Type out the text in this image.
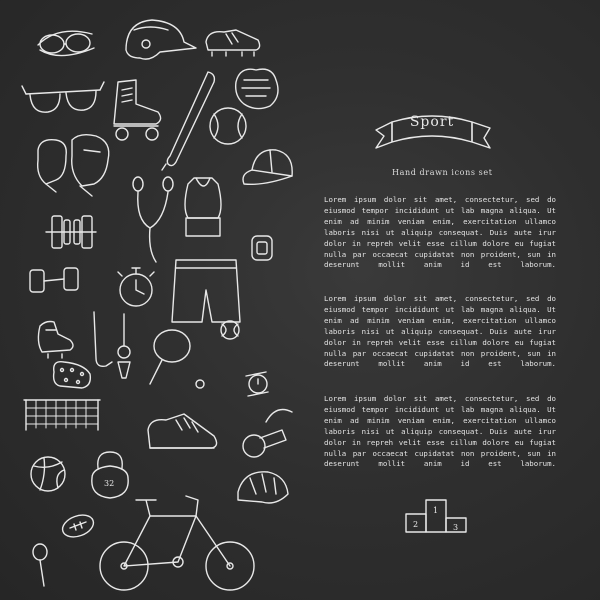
32
1
2	3
Sport
Hand drawn icons set
Lorem ipsum dolor sit amet, consectetur, sed do eiusmod tempor incididunt ut lab magna aliqua. Ut enim ad minim veniam enim, exercitation ullamco laboris nisi ut aliquip consequat. Duis aute irur dolor in repreh velit esse cillum dolore eu fugiat nulla par occaecat cupidatat non proident, sun in deserunt mollit anim id est laborum.
Lorem ipsum dolor sit amet, consectetur, sed do eiusmod tempor incididunt ut lab magna aliqua. Ut enim ad minim veniam enim, exercitation ullamco laboris nisi ut aliquip consequat. Duis aute irur dolor in repreh velit esse cillum dolore eu fugiat nulla par occaecat cupidatat non proident, sun in deserunt mollit anim id est laborum.
Lorem ipsum dolor sit amet, consectetur, sed do eiusmod tempor incididunt ut lab magna aliqua. Ut enim ad minim veniam enim, exercitation ullamco laboris nisi ut aliquip consequat. Duis aute irur dolor in repreh velit esse cillum dolore eu fugiat nulla par occaecat cupidatat non proident, sun in deserunt mollit anim id est laborum.
